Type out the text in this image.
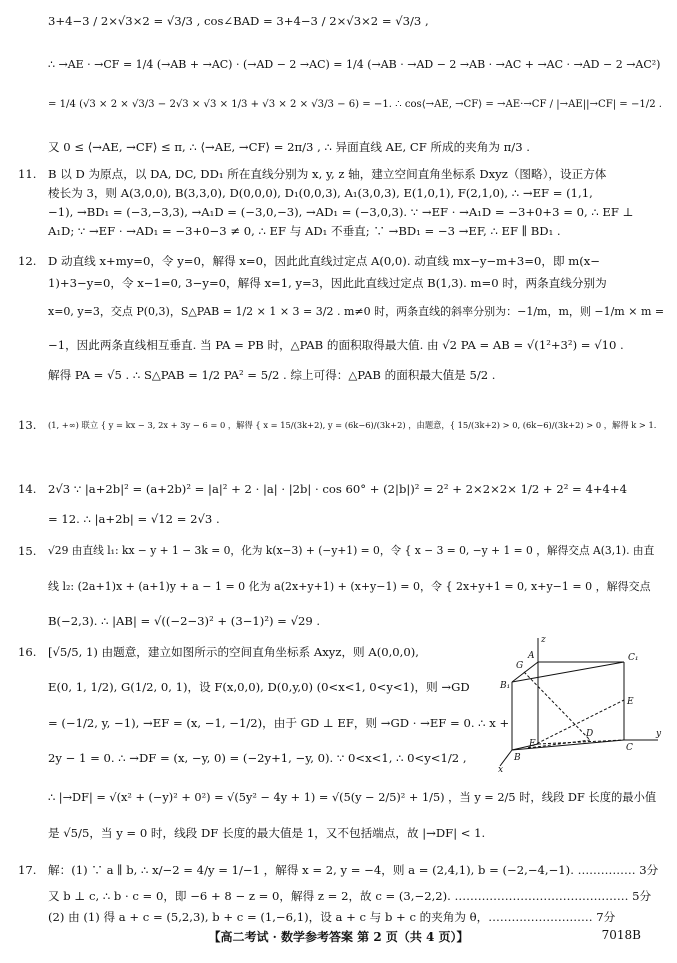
3+4−3 / 2×√3×2 = √3/3 , cos∠BAD = 3+4−3 / 2×√3×2 = √3/3 ,
∴ →AE · →CF = 1/4 (→AB + →AC) · (→AD − 2 →AC) = 1/4 (→AB · →AD − 2 →AB · →AC + →AC · →AD − 2 →AC²)
= 1/4 (√3 × 2 × √3/3 − 2√3 × √3 × 1/3 + √3 × 2 × √3/3 − 6) = −1. ∴ cos⟨→AE, →CF⟩ = →AE·→CF / |→AE||→CF| = −1/2 .
又 0 ≤ ⟨→AE, →CF⟩ ≤ π, ∴ ⟨→AE, →CF⟩ = 2π/3 , ∴ 异面直线 AE, CF 所成的夹角为 π/3 .
B 以 D 为原点，以 DA, DC, DD₁ 所在直线分别为 x, y, z 轴，建立空间直角坐标系 Dxyz（图略），设正方体
棱长为 3，则 A(3,0,0), B(3,3,0), D(0,0,0), D₁(0,0,3), A₁(3,0,3), E(1,0,1), F(2,1,0), ∴ →EF = (1,1,
−1), →BD₁ = (−3,−3,3), →A₁D = (−3,0,−3), →AD₁ = (−3,0,3). ∵ →EF · →A₁D = −3+0+3 = 0, ∴ EF ⊥
A₁D; ∵ →EF · →AD₁ = −3+0−3 ≠ 0, ∴ EF 与 AD₁ 不垂直; ∵ →BD₁ = −3 →EF, ∴ EF ∥ BD₁ .
D 动直线 x+my=0，令 y=0，解得 x=0，因此此直线过定点 A(0,0). 动直线 mx−y−m+3=0，即 m(x−
1)+3−y=0，令 x−1=0, 3−y=0，解得 x=1, y=3，因此此直线过定点 B(1,3). m=0 时，两条直线分别为
x=0, y=3，交点 P(0,3)，S△PAB = 1/2 × 1 × 3 = 3/2 . m≠0 时，两条直线的斜率分别为：−1/m，m，则 −1/m × m =
−1，因此两条直线相互垂直. 当 PA = PB 时，△PAB 的面积取得最大值. 由 √2 PA = AB = √(1²+3²) = √10 .
解得 PA = √5 . ∴ S△PAB = 1/2 PA² = 5/2 . 综上可得：△PAB 的面积最大值是 5/2 .
(1, +∞) 联立 { y = kx − 3, 2x + 3y − 6 = 0 ，解得 { x = 15/(3k+2), y = (6k−6)/(3k+2) ，由题意，{ 15/(3k+2) > 0, (6k−6)/(3k+2) > 0 ，解得 k > 1.
2√3 ∵ |a+2b|² = (a+2b)² = |a|² + 2 · |a| · |2b| · cos 60° + (2|b|)² = 2² + 2×2×2× 1/2 + 2² = 4+4+4
= 12. ∴ |a+2b| = √12 = 2√3 .
√29 由直线 l₁: kx − y + 1 − 3k = 0，化为 k(x−3) + (−y+1) = 0，令 { x − 3 = 0, −y + 1 = 0 ，解得交点 A(3,1). 由直
线 l₂: (2a+1)x + (a+1)y + a − 1 = 0 化为 a(2x+y+1) + (x+y−1) = 0，令 { 2x+y+1 = 0, x+y−1 = 0 ，解得交点
B(−2,3). ∴ |AB| = √((−2−3)² + (3−1)²) = √29 .
[√5/5, 1) 由题意，建立如图所示的空间直角坐标系 Axyz，则 A(0,0,0),
E(0, 1, 1/2), G(1/2, 0, 1)，设 F(x,0,0), D(0,y,0) (0<x<1, 0<y<1)，则 →GD
= (−1/2, y, −1), →EF = (x, −1, −1/2)，由于 GD ⊥ EF，则 →GD · →EF = 0. ∴ x +
2y − 1 = 0. ∴ →DF = (x, −y, 0) = (−2y+1, −y, 0). ∵ 0<x<1, ∴ 0<y<1/2 ,
∴ |→DF| = √(x² + (−y)² + 0²) = √(5y² − 4y + 1) = √(5(y − 2/5)² + 1/5) ，当 y = 2/5 时，线段 DF 长度的最小值
是 √5/5，当 y = 0 时，线段 DF 长度的最大值是 1，又不包括端点，故 |→DF| < 1.
解：(1) ∵ a ∥ b, ∴ x/−2 = 4/y = 1/−1 ，解得 x = 2, y = −4，则 a = (2,4,1), b = (−2,−4,−1). …………… 3分
又 b ⊥ c, ∴ b · c = 0，即 −6 + 8 − z = 0，解得 z = 2，故 c = (3,−2,2). ……………………………………… 5分
(2) 由 (1) 得 a + c = (5,2,3), b + c = (1,−6,1)，设 a + c 与 b + c 的夹角为 θ，……………………… 7分
11.
12.
13.
14.
15.
16.
17.
z
A	C₁
G
B₁
E
D	y
F	C
B
x
【高二考试 · 数学参考答案 第 2 页（共 4 页）】	7018B
